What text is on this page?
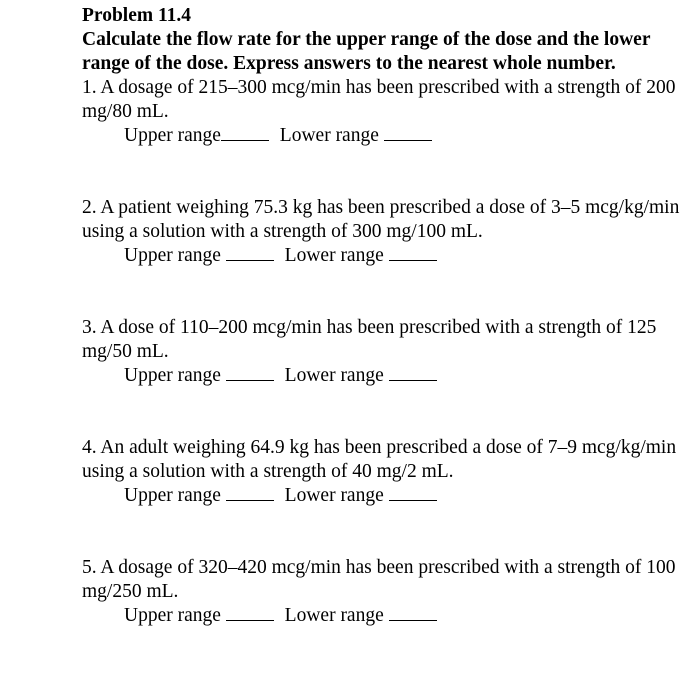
Problem 11.4

Calculate the flow rate for the upper range of the dose and the lower range of the dose. Express answers to the nearest whole number.

1. A dosage of 215–300 mcg/min has been prescribed with a strength of 200 mg/80 mL.

Upper range	Lower range

2. A patient weighing 75.3 kg has been prescribed a dose of 3–5 mcg/kg/min using a solution with a strength of 300 mg/100 mL.

Upper range	Lower range

3. A dose of 110–200 mcg/min has been prescribed with a strength of 125 mg/50 mL.

Upper range	Lower range

4. An adult weighing 64.9 kg has been prescribed a dose of 7–9 mcg/kg/min using a solution with a strength of 40 mg/2 mL.

Upper range	Lower range

5. A dosage of 320–420 mcg/min has been prescribed with a strength of 100 mg/250 mL.

Upper range	Lower range
